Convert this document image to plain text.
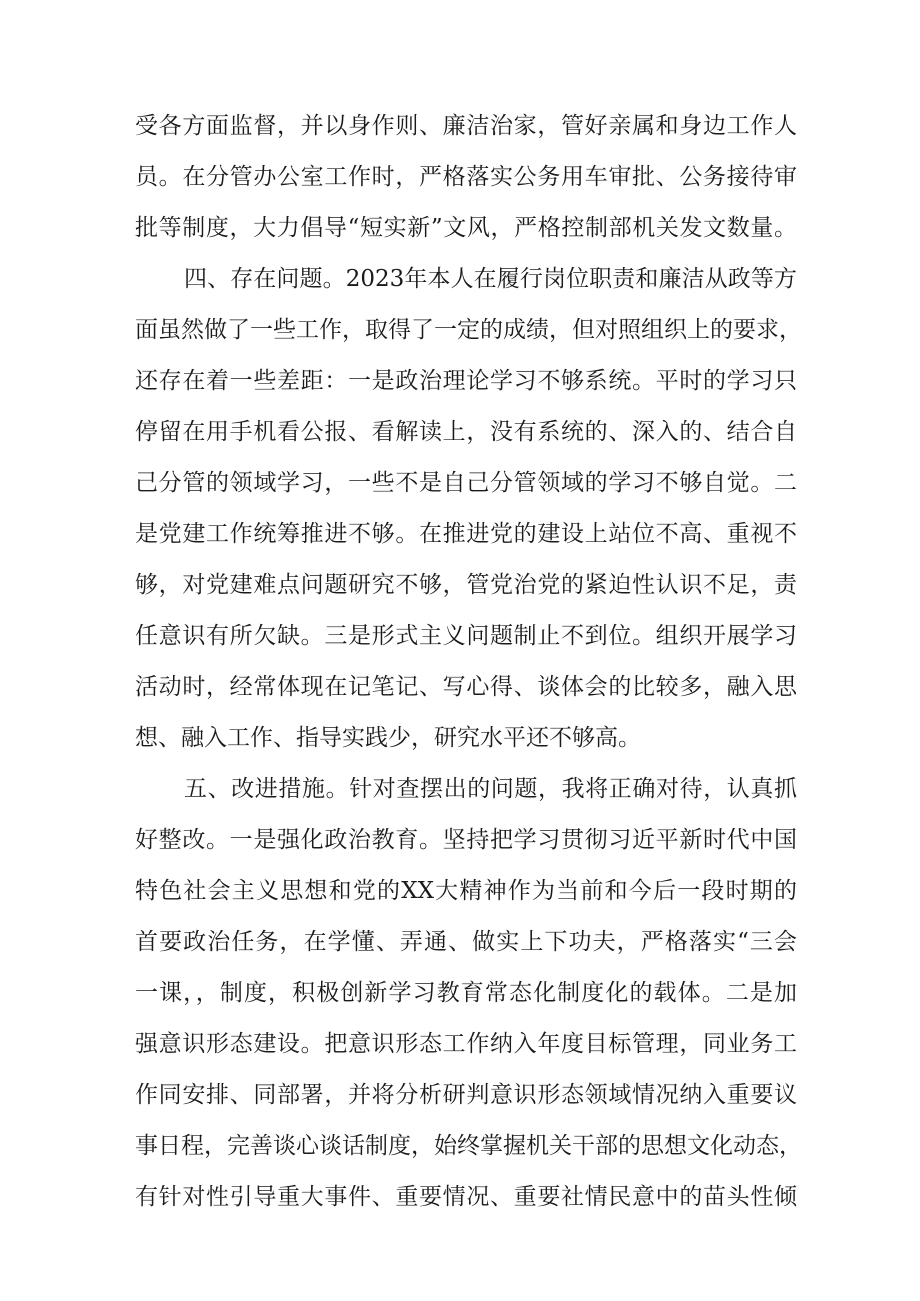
受各方面监督，并以身作则、廉洁治家，管好亲属和身边工作人
员。在分管办公室工作时，严格落实公务用车审批、公务接待审
批等制度，大力倡导“短实新”文风，严格控制部机关发文数量。
四、存在问题。2023年本人在履行岗位职责和廉洁从政等方
面虽然做了一些工作，取得了一定的成绩，但对照组织上的要求，
还存在着一些差距：一是政治理论学习不够系统。平时的学习只
停留在用手机看公报、看解读上，没有系统的、深入的、结合自
己分管的领域学习，一些不是自己分管领域的学习不够自觉。二
是党建工作统筹推进不够。在推进党的建设上站位不高、重视不
够，对党建难点问题研究不够，管党治党的紧迫性认识不足，责
任意识有所欠缺。三是形式主义问题制止不到位。组织开展学习
活动时，经常体现在记笔记、写心得、谈体会的比较多，融入思
想、融入工作、指导实践少，研究水平还不够高。
五、改进措施。针对查摆出的问题，我将正确对待，认真抓
好整改。一是强化政治教育。坚持把学习贯彻习近平新时代中国
特色社会主义思想和党的XX大精神作为当前和今后一段时期的
首要政治任务，在学懂、弄通、做实上下功夫，严格落实“三会
一课，，制度，积极创新学习教育常态化制度化的载体。二是加
强意识形态建设。把意识形态工作纳入年度目标管理，同业务工
作同安排、同部署，并将分析研判意识形态领域情况纳入重要议
事日程，完善谈心谈话制度，始终掌握机关干部的思想文化动态，
有针对性引导重大事件、重要情况、重要社情民意中的苗头性倾
